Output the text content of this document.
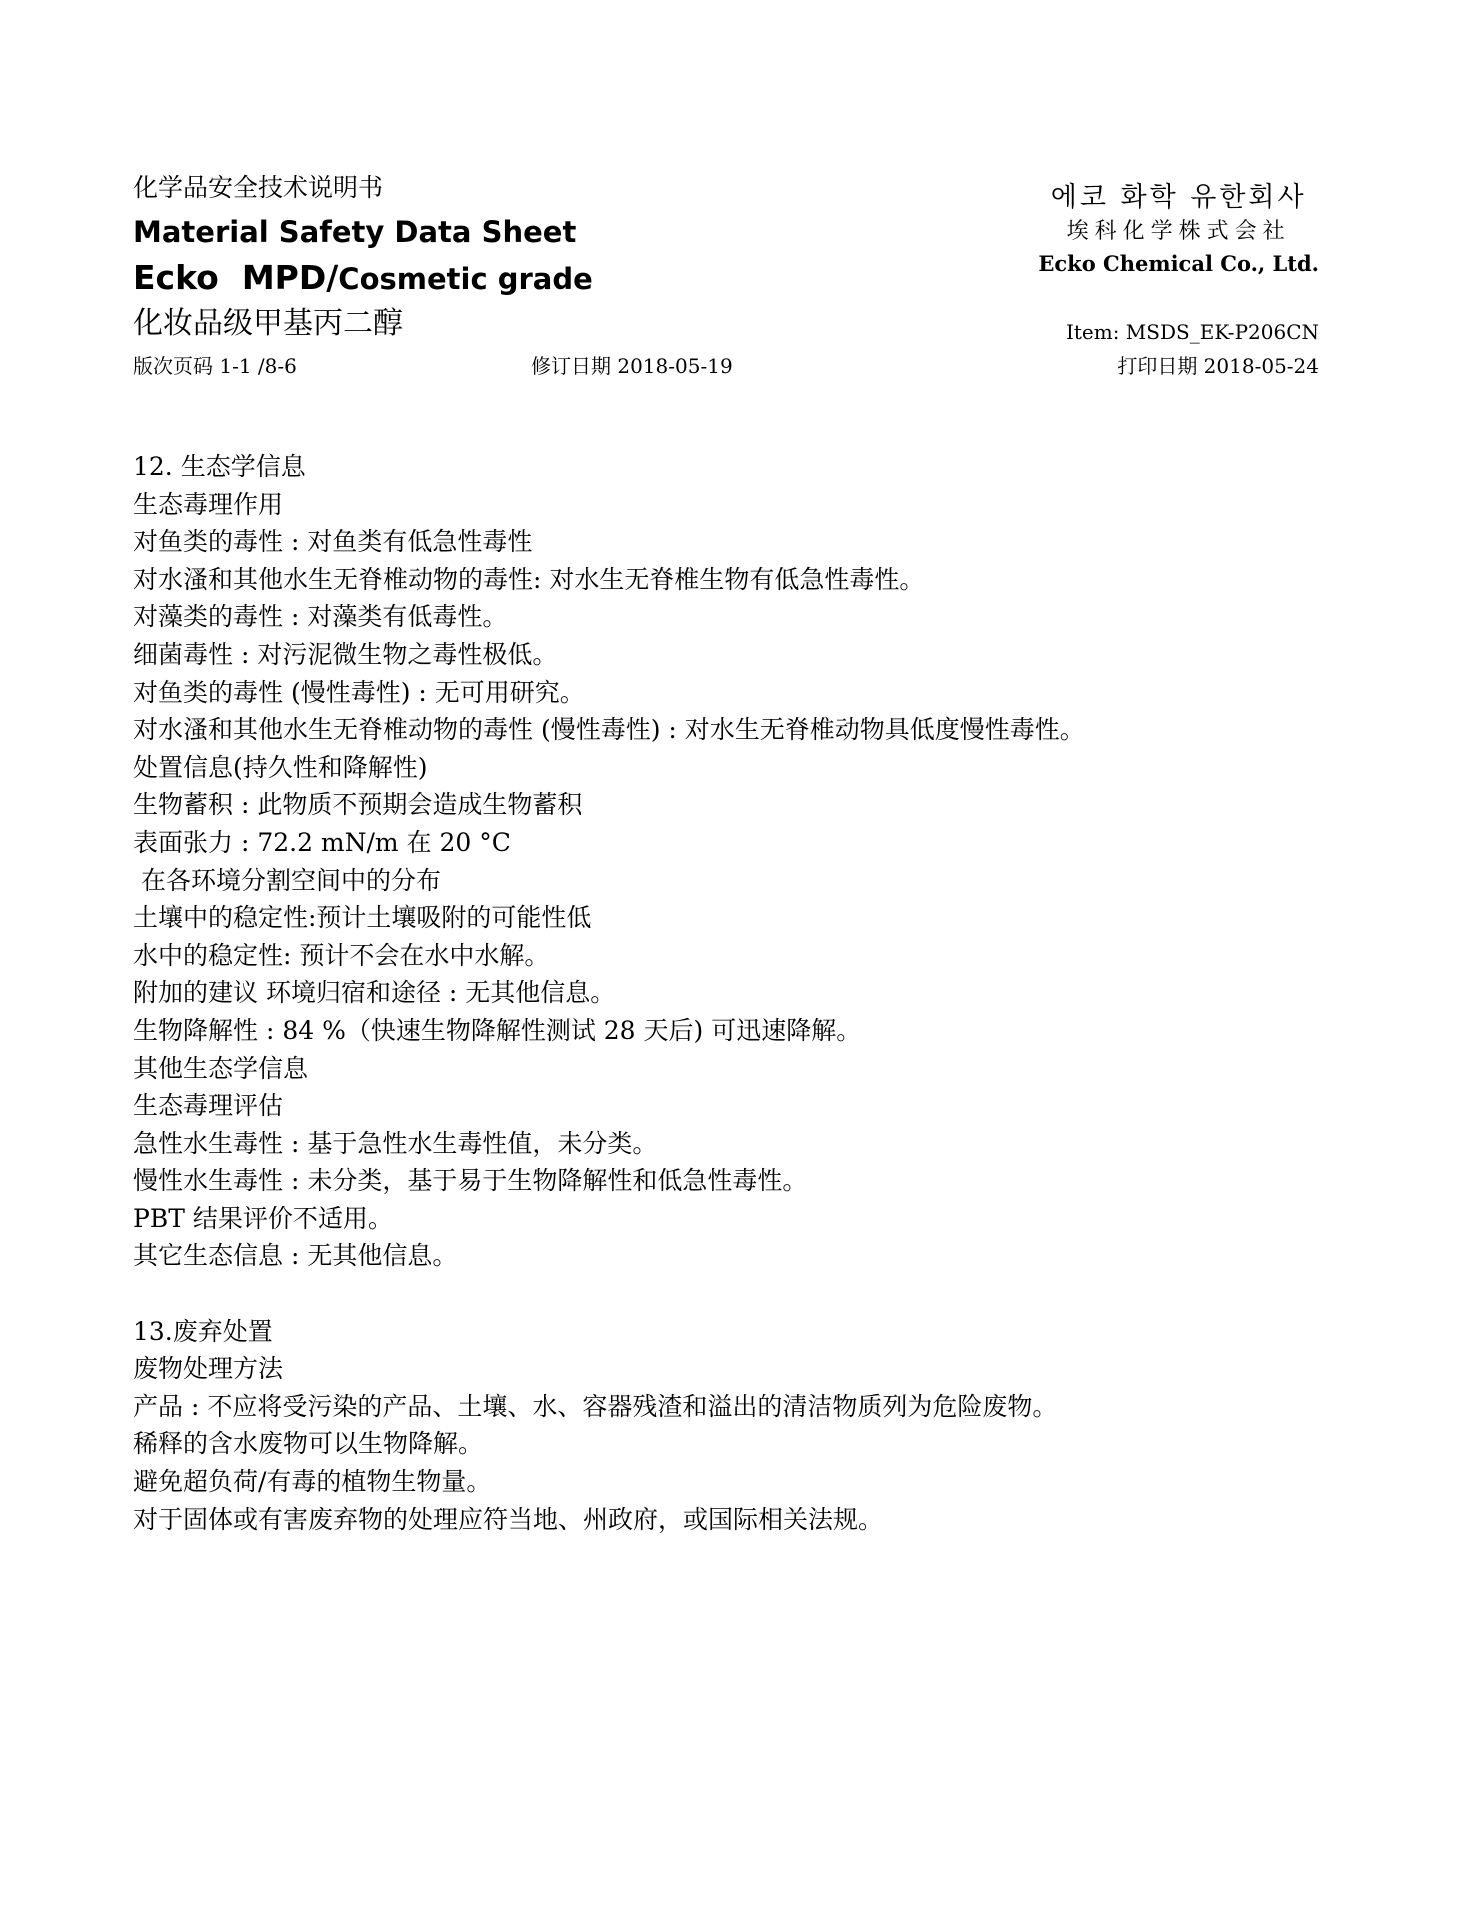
化学品安全技术说明书
Material Safety Data Sheet
Ecko  MPD/Cosmetic grade
化妆品级甲基丙二醇
에코 화학 유한회사
埃科化学株式会社
Ecko Chemical Co., Ltd.
Item: MSDS_EK-P206CN
版次页码 1-1 /8-6	修订日期 2018-05-19	打印日期 2018-05-24
12. 生态学信息
生态毒理作用
对鱼类的毒性 : 对鱼类有低急性毒性
对水溞和其他水生无脊椎动物的毒性: 对水生无脊椎生物有低急性毒性。
对藻类的毒性 : 对藻类有低毒性。
细菌毒性 : 对污泥微生物之毒性极低。
对鱼类的毒性 (慢性毒性) : 无可用研究。
对水溞和其他水生无脊椎动物的毒性 (慢性毒性) : 对水生无脊椎动物具低度慢性毒性。
处置信息(持久性和降解性)
生物蓄积 : 此物质不预期会造成生物蓄积
表面张力 : 72.2 mN/m 在 20 °C
在各环境分割空间中的分布
土壤中的稳定性:预计土壤吸附的可能性低
水中的稳定性: 预计不会在水中水解。
附加的建议 环境归宿和途径 : 无其他信息。
生物降解性 : 84 %（快速生物降解性测试 28 天后) 可迅速降解。
其他生态学信息
生态毒理评估
急性水生毒性 : 基于急性水生毒性值，未分类。
慢性水生毒性 : 未分类，基于易于生物降解性和低急性毒性。
PBT 结果评价不适用。
其它生态信息 : 无其他信息。
13.废弃处置
废物处理方法
产品 : 不应将受污染的产品、土壤、水、容器残渣和溢出的清洁物质列为危险废物。
稀释的含水废物可以生物降解。
避免超负荷/有毒的植物生物量。
对于固体或有害废弃物的处理应符当地、州政府，或国际相关法规。
